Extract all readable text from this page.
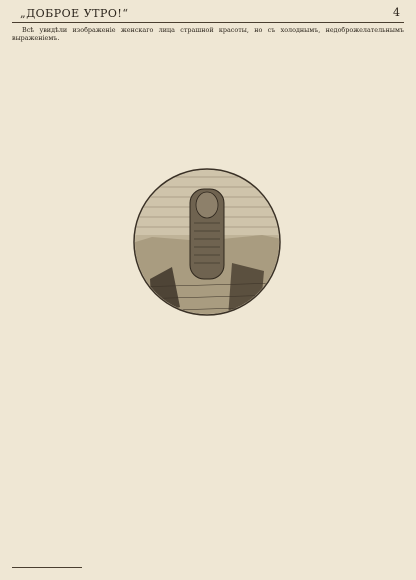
„ДОБРОЕ УТРО!“	4

Всѣ увидѣли изображеніе женскаго лица страшной красоты, но съ холоднымъ, недоброжелательнымъ выраженіемъ.
